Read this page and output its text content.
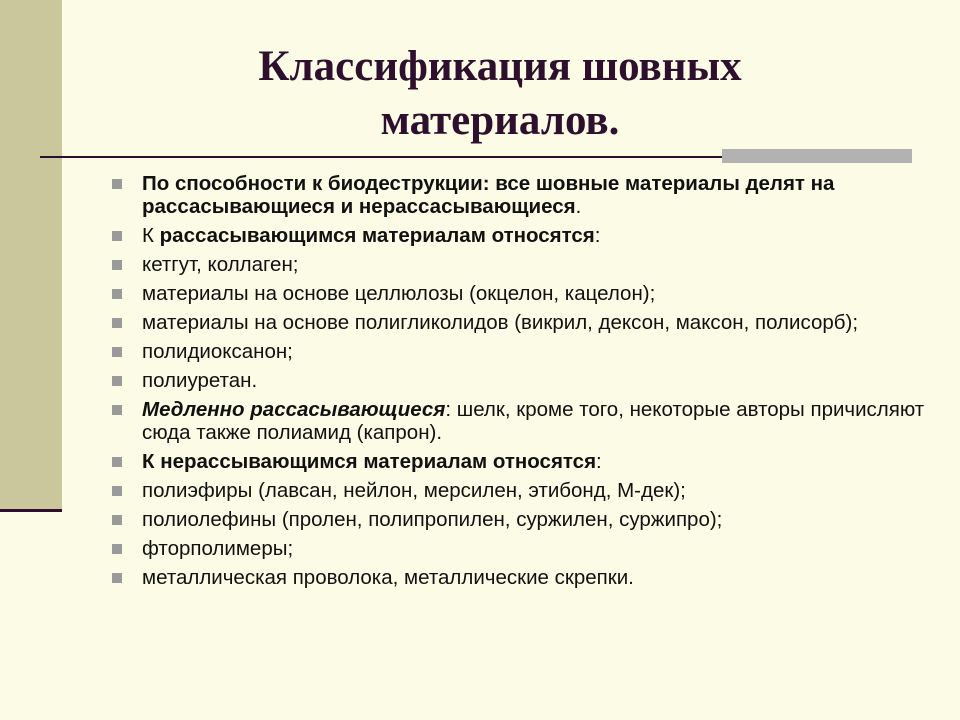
Классификация шовных
материалов.
По способности к биодеструкции: все шовные материалы делят на рассасывающиеся и нерассасывающиеся.
К рассасывающимся материалам относятся:
кетгут, коллаген;
материалы на основе целлюлозы (окцелон, кацелон);
материалы на основе полигликолидов (викрил, дексон, максон, полисорб);
полидиоксанон;
полиуретан.
Медленно рассасывающиеся: шелк, кроме того, некоторые авторы причисляют сюда также полиамид (капрон).
К нерассывающимся материалам относятся:
полиэфиры (лавсан, нейлон, мерсилен, этибонд, М-дек);
полиолефины (пролен, полипропилен, суржилен, суржипро);
фторполимеры;
металлическая проволока, металлические скрепки.
